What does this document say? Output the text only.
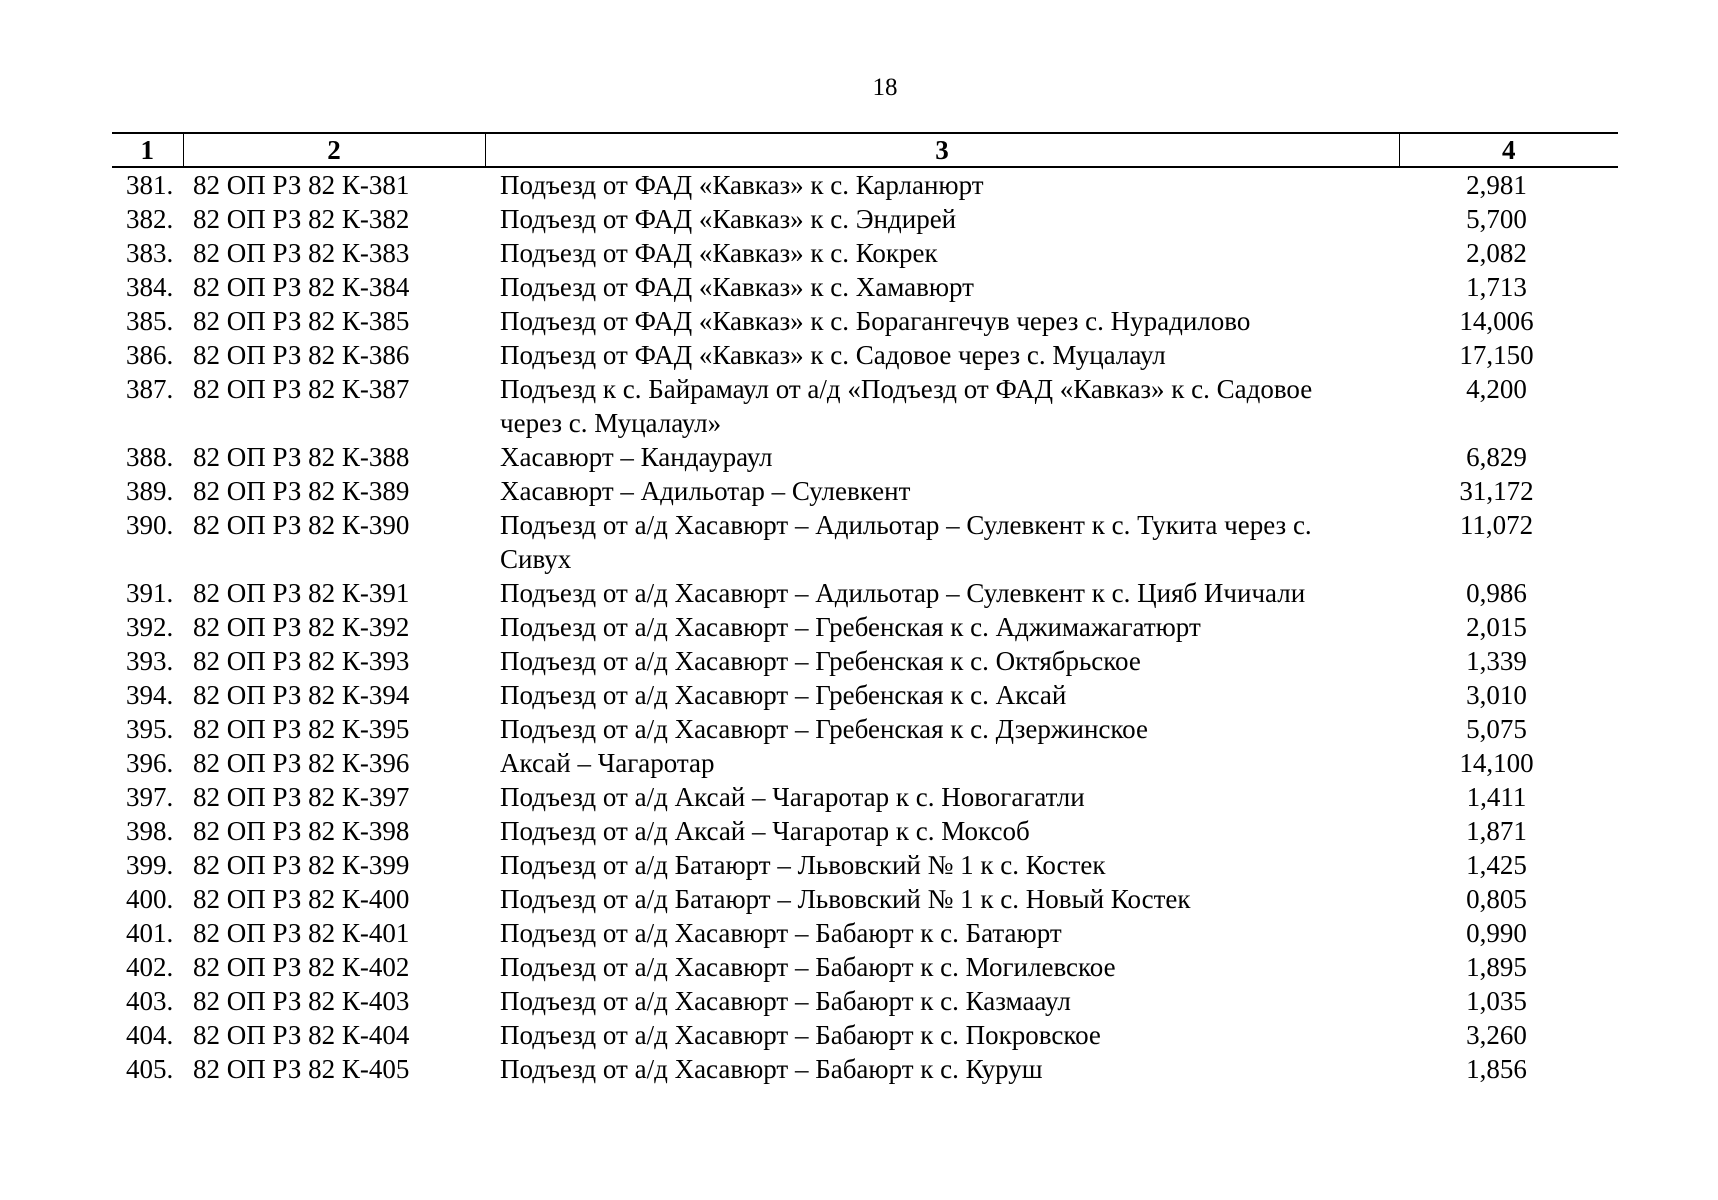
18
1	2	3	4
381.	82 ОП РЗ 82 К-381	Подъезд от ФАД «Кавказ» к с. Карланюрт	2,981
382.	82 ОП РЗ 82 К-382	Подъезд от ФАД «Кавказ» к с. Эндирей	5,700
383.	82 ОП РЗ 82 К-383	Подъезд от ФАД «Кавказ» к с. Кокрек	2,082
384.	82 ОП РЗ 82 К-384	Подъезд от ФАД «Кавказ» к с. Хамавюрт	1,713
385.	82 ОП РЗ 82 К-385	Подъезд от ФАД «Кавказ» к с. Борагангечув через с. Нурадилово	14,006
386.	82 ОП РЗ 82 К-386	Подъезд от ФАД «Кавказ» к с. Садовое через с. Муцалаул	17,150
387.	82 ОП РЗ 82 К-387	Подъезд к с. Байрамаул от а/д «Подъезд от ФАД «Кавказ» к с. Садовое через с. Муцалаул»	4,200
388.	82 ОП РЗ 82 К-388	Хасавюрт – Кандаураул	6,829
389.	82 ОП РЗ 82 К-389	Хасавюрт – Адильотар – Сулевкент	31,172
390.	82 ОП РЗ 82 К-390	Подъезд от а/д Хасавюрт – Адильотар – Сулевкент к с. Тукита через с. Сивух	11,072
391.	82 ОП РЗ 82 К-391	Подъезд от а/д Хасавюрт – Адильотар – Сулевкент к с. Цияб Ичичали	0,986
392.	82 ОП РЗ 82 К-392	Подъезд от а/д Хасавюрт – Гребенская к с. Аджимажагатюрт	2,015
393.	82 ОП РЗ 82 К-393	Подъезд от а/д Хасавюрт – Гребенская к с. Октябрьское	1,339
394.	82 ОП РЗ 82 К-394	Подъезд от а/д Хасавюрт – Гребенская к с. Аксай	3,010
395.	82 ОП РЗ 82 К-395	Подъезд от а/д Хасавюрт – Гребенская к с. Дзержинское	5,075
396.	82 ОП РЗ 82 К-396	Аксай – Чагаротар	14,100
397.	82 ОП РЗ 82 К-397	Подъезд от а/д Аксай – Чагаротар к с. Новогагатли	1,411
398.	82 ОП РЗ 82 К-398	Подъезд от а/д Аксай – Чагаротар к с. Моксоб	1,871
399.	82 ОП РЗ 82 К-399	Подъезд от а/д Батаюрт – Львовский № 1 к с. Костек	1,425
400.	82 ОП РЗ 82 К-400	Подъезд от а/д Батаюрт – Львовский № 1 к с. Новый Костек	0,805
401.	82 ОП РЗ 82 К-401	Подъезд от а/д Хасавюрт – Бабаюрт к с. Батаюрт	0,990
402.	82 ОП РЗ 82 К-402	Подъезд от а/д Хасавюрт – Бабаюрт к с. Могилевское	1,895
403.	82 ОП РЗ 82 К-403	Подъезд от а/д Хасавюрт – Бабаюрт к с. Казмааул	1,035
404.	82 ОП РЗ 82 К-404	Подъезд от а/д Хасавюрт – Бабаюрт к с. Покровское	3,260
405.	82 ОП РЗ 82 К-405	Подъезд от а/д Хасавюрт – Бабаюрт к с. Куруш	1,856
